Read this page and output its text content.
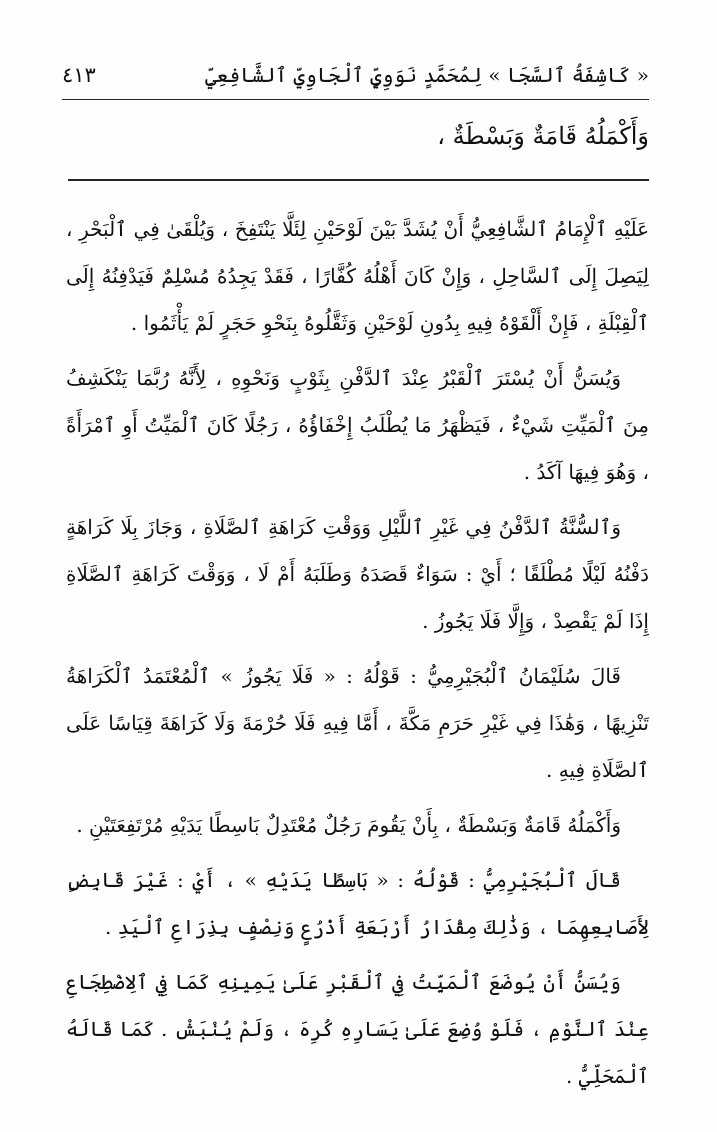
« كَاشِفَةُ ٱلسَّجَا » لِمُحَمَّدٍ نَوَوِيٍّ ٱلْجَاوِيِّ ٱلشَّافِعِيِّ
٤١٣
وَأَكْمَلُهُ قَامَةٌ وَبَسْطَةٌ ،

عَلَيْهِ ٱلْإِمَامُ ٱلشَّافِعِيُّ أَنْ يُشَدَّ بَيْنَ لَوْحَيْنِ لِئَلَّا يَنْتَفِخَ ، وَيُلْقَىٰ فِي ٱلْبَحْرِ ، لِيَصِلَ إِلَى ٱلسَّاحِلِ ، وَإِنْ كَانَ أَهْلُهُ كُفَّارًا ، فَقَدْ يَجِدُهُ مُسْلِمٌ فَيَدْفِنُهُ إِلَى ٱلْقِبْلَةِ ، فَإِنْ أَلْقَوْهُ فِيهِ بِدُونِ لَوْحَيْنِ وَثَقَّلُوهُ بِنَحْوِ حَجَرٍ لَمْ يَأْثَمُوا .

وَيُسَنُّ أَنْ يُسْتَرَ ٱلْقَبْرُ عِنْدَ ٱلدَّفْنِ بِثَوْبٍ وَنَحْوِهِ ، لِأَنَّهُ رُبَّمَا يَنْكَشِفُ مِنَ ٱلْمَيِّتِ شَيْءٌ ، فَيَظْهَرُ مَا يُطْلَبُ إِخْفَاؤُهُ ، رَجُلًا كَانَ ٱلْمَيِّتُ أَوِ ٱمْرَأَةً ، وَهُوَ فِيهَا آكَدُ .

وَٱلسُّنَّةُ ٱلدَّفْنُ فِي غَيْرِ ٱللَّيْلِ وَوَقْتِ كَرَاهَةِ ٱلصَّلَاةِ ، وَجَازَ بِلَا كَرَاهَةٍ دَفْنُهُ لَيْلًا مُطْلَقًا ؛ أَيْ : سَوَاءٌ قَصَدَهُ وَطَلَبَهُ أَمْ لَا ، وَوَقْتَ كَرَاهَةِ ٱلصَّلَاةِ إِذَا لَمْ يَقْصِدْ ، وَإِلَّا فَلَا يَجُوزُ .

قَالَ سُلَيْمَانُ ٱلْبُجَيْرِمِيُّ : قَوْلُهُ : « فَلَا يَجُوزُ » ٱلْمُعْتَمَدُ ٱلْكَرَاهَةُ تَنْزِيهًا ، وَهَٰذَا فِي غَيْرِ حَرَمِ مَكَّةَ ، أَمَّا فِيهِ فَلَا حُرْمَةَ وَلَا كَرَاهَةَ قِيَاسًا عَلَى ٱلصَّلَاةِ فِيهِ .

وَأَكْمَلُهُ قَامَةٌ وَبَسْطَةٌ ، بِأَنْ يَقُومَ رَجُلٌ مُعْتَدِلٌ بَاسِطًا يَدَيْهِ مُرْتَفِعَتَيْنِ .

قَالَ ٱلْبُجَيْرِمِيُّ : قَوْلُهُ : « بَاسِطًا يَدَيْهِ » ، أَيْ : غَيْرَ قَابِضٍ لِأَصَابِعِهِمَا ، وَذَٰلِكَ مِقْدَارُ أَرْبَعَةِ أَذْرُعٍ وَنِصْفٍ بِذِرَاعِ ٱلْيَدِ .

وَيُسَنُّ أَنْ يُوضَعَ ٱلْمَيِّتُ فِي ٱلْقَبْرِ عَلَىٰ يَمِينِهِ كَمَا فِي ٱلِاضْطِجَاعِ عِنْدَ ٱلنَّوْمِ ، فَلَوْ وُضِعَ عَلَىٰ يَسَارِهِ كُرِهَ ، وَلَمْ يُنْبَشْ . كَمَا قَالَهُ ٱلْمَحَلِّيُّ .
